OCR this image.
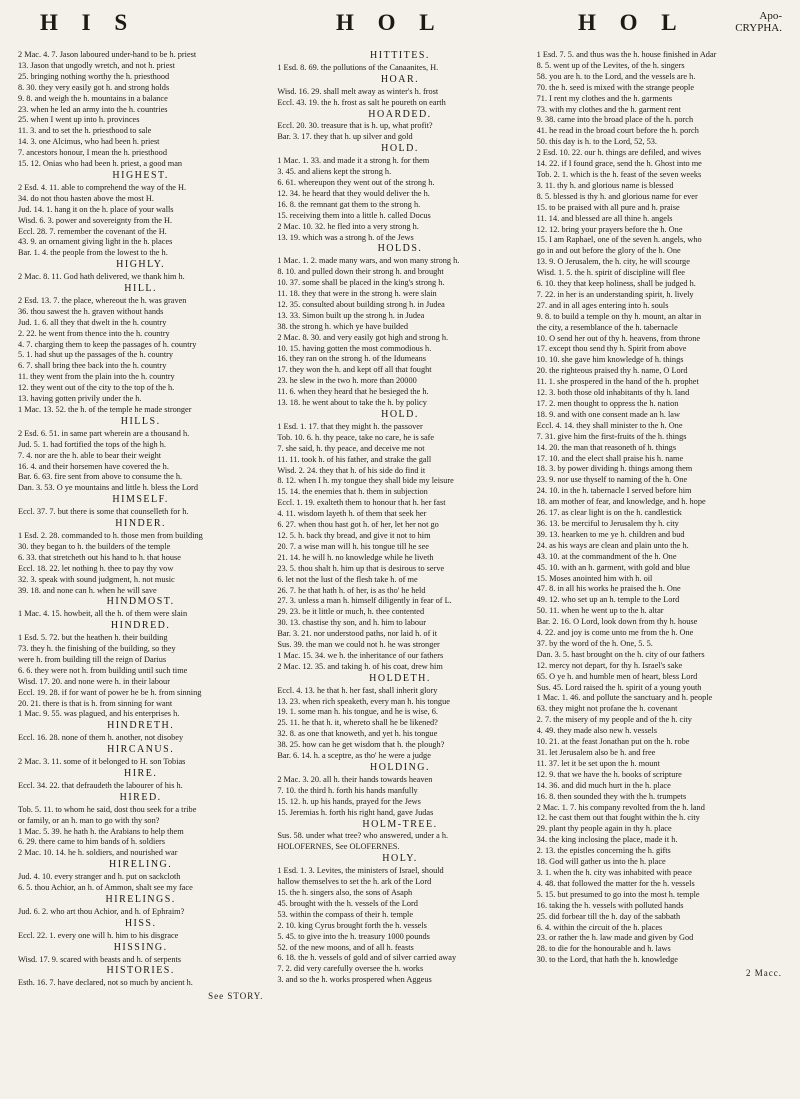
H I S	H O L	H O L	Apo-
CRYPHA.
2 Mac. 4. 7. Jason laboured under-hand to be h. priest
13. Jason that ungodly wretch, and not h. priest
25. bringing nothing worthy the h. priesthood
8. 30. they very easily got h. and strong holds
9. 8. and weigh the h. mountains in a balance
23. when he led an army into the h. countries
25. when I went up into h. provinces
11. 3. and to set the h. priesthood to sale
14. 3. one Alcimus, who had been h. priest
7. ancestors honour, I mean the h. priesthood
15. 12. Onias who had been h. priest, a good man
HIGHEST.
2 Esd. 4. 11. able to comprehend the way of the H.
34. do not thou hasten above the most H.
Jud. 14. 1. hang it on the h. place of your walls
Wisd. 6. 3. power and sovereignty from the H.
Eccl. 28. 7. remember the covenant of the H.
43. 9. an ornament giving light in the h. places
Bar. 1. 4. the people from the lowest to the h.
HIGHLY.
2 Mac. 8. 11. God hath delivered, we thank him h.
HILL.
2 Esd. 13. 7. the place, whereout the h. was graven
36. thou sawest the h. graven without hands
Jud. 1. 6. all they that dwelt in the h. country
2. 22. he went from thence into the h. country
4. 7. charging them to keep the passages of h. country
5. 1. had shut up the passages of the h. country
6. 7. shall bring thee back into the h. country
11. they went from the plain into the h. country
12. they went out of the city to the top of the h.
13. having gotten privily under the h.
1 Mac. 13. 52. the h. of the temple he made stronger
HILLS.
2 Esd. 6. 51. in same part wherein are a thousand h.
Jud. 5. 1. had fortified the tops of the high h.
7. 4. nor are the h. able to bear their weight
16. 4. and their horsemen have covered the h.
Bar. 6. 63. fire sent from above to consume the h.
Dan. 3. 53. O ye mountains and little h. bless the Lord
HIMSELF.
Eccl. 37. 7. but there is some that counselleth for h.
HINDER.
1 Esd. 2. 28. commanded to h. those men from building
30. they began to h. the builders of the temple
6. 33. that stretcheth out his hand to h. that house
Eccl. 18. 22. let nothing h. thee to pay thy vow
32. 3. speak with sound judgment, h. not music
39. 18. and none can h. when he will save
HINDMOST.
1 Mac. 4. 15. howbeit, all the h. of them were slain
HINDRED.
1 Esd. 5. 72. but the heathen h. their building
73. they h. the finishing of the building, so they
were h. from building till the reign of Darius
6. 6. they were not h. from building until such time
Wisd. 17. 20. and none were h. in their labour
Eccl. 19. 28. if for want of power he be h. from sinning
20. 21. there is that is h. from sinning for want
1 Mac. 9. 55. was plagued, and his enterprises h.
HINDRETH.
Eccl. 16. 28. none of them h. another, not disobey
HIRCANUS.
2 Mac. 3. 11. some of it belonged to H. son Tobias
HIRE.
Eccl. 34. 22. that defraudeth the labourer of his h.
HIRED.
Tob. 5. 11. to whom he said, dost thou seek for a tribe
or family, or an h. man to go with thy son?
1 Mac. 5. 39. he hath h. the Arabians to help them
6. 29. there came to him bands of h. soldiers
2 Mac. 10. 14. he h. soldiers, and nourished war
HIRELING.
Jud. 4. 10. every stranger and h. put on sackcloth
6. 5. thou Achior, an h. of Ammon, shalt see my face
HIRELINGS.
Jud. 6. 2. who art thou Achior, and h. of Ephraim?
HISS.
Eccl. 22. 1. every one will h. him to his disgrace
HISSING.
Wisd. 17. 9. scared with beasts and h. of serpents
HISTORIES.
Esth. 16. 7. have declared, not so much by ancient h.
See STORY.
HITTITES.
1 Esd. 8. 69. the pollutions of the Canaanites, H.
HOAR.
Wisd. 16. 29. shall melt away as winter's h. frost
Eccl. 43. 19. the h. frost as salt he poureth on earth
HOARDED.
Eccl. 20. 30. treasure that is h. up, what profit?
Bar. 3. 17. they that h. up silver and gold
HOLD.
1 Mac. 1. 33. and made it a strong h. for them
3. 45. and aliens kept the strong h.
6. 61. whereupon they went out of the strong h.
12. 34. he heard that they would deliver the h.
16. 8. the remnant gat them to the strong h.
15. receiving them into a little h. called Docus
2 Mac. 10. 32. he fled into a very strong h.
13. 19. which was a strong h. of the Jews
HOLDS.
1 Mac. 1. 2. made many wars, and won many strong h.
8. 10. and pulled down their strong h. and brought
10. 37. some shall be placed in the king's strong h.
11. 18. they that were in the strong h. were slain
12. 35. consulted about building strong h. in Judea
13. 33. Simon built up the strong h. in Judea
38. the strong h. which ye have builded
2 Mac. 8. 30. and very easily got high and strong h.
10. 15. having gotten the most commodious h.
16. they ran on the strong h. of the Idumeans
17. they won the h. and kept off all that fought
23. he slew in the two h. more than 20000
11. 6. when they heard that he besieged the h.
13. 18. he went about to take the h. by policy
HOLD.
1 Esd. 1. 17. that they might h. the passover
Tob. 10. 6. h. thy peace, take no care, he is safe
7. she said, h. thy peace, and deceive me not
11. 11. took h. of his father, and strake the gall
Wisd. 2. 24. they that h. of his side do find it
8. 12. when I h. my tongue they shall bide my leisure
15. 14. the enemies that h. them in subjection
Eccl. 1. 19. exalteth them to honour that h. her fast
4. 11. wisdom layeth h. of them that seek her
6. 27. when thou hast got h. of her, let her not go
12. 5. h. back thy bread, and give it not to him
20. 7. a wise man will h. his tongue till he see
21. 14. he will h. no knowledge while he liveth
23. 5. thou shalt h. him up that is desirous to serve
6. let not the lust of the flesh take h. of me
26. 7. he that hath h. of her, is as tho' he held
27. 3. unless a man h. himself diligently in fear of L.
29. 23. be it little or much, h. thee contented
30. 13. chastise thy son, and h. him to labour
Bar. 3. 21. nor understood paths, nor laid h. of it
Sus. 39. the man we could not h. he was stronger
1 Mac. 15. 34. we h. the inheritance of our fathers
2 Mac. 12. 35. and taking h. of his coat, drew him
HOLDETH.
Eccl. 4. 13. he that h. her fast, shall inherit glory
13. 23. when rich speaketh, every man h. his tongue
19. 1. some man h. his tongue, and he is wise, 6.
25. 11. he that h. it, whereto shall he be likened?
32. 8. as one that knoweth, and yet h. his tongue
38. 25. how can he get wisdom that h. the plough?
Bar. 6. 14. h. a sceptre, as tho' he were a judge
HOLDING.
2 Mac. 3. 20. all h. their hands towards heaven
7. 10. the third h. forth his hands manfully
15. 12. h. up his hands, prayed for the Jews
15. Jeremias h. forth his right hand, gave Judas
HOLM-TREE.
Sus. 58. under what tree? who answered, under a h.
HOLOFERNES, See OLOFERNES.
HOLY.
1 Esd. 1. 3. Levites, the ministers of Israel, should
hallow themselves to set the h. ark of the Lord
15. the h. singers also, the sons of Asaph
45. brought with the h. vessels of the Lord
53. within the compass of their h. temple
2. 10. king Cyrus brought forth the h. vessels
5. 45. to give into the h. treasury 1000 pounds
52. of the new moons, and of all h. feasts
6. 18. the h. vessels of gold and of silver carried away
7. 2. did very carefully oversee the h. works
3. and so the h. works prospered when Aggeus
1 Esd. 7. 5. and thus was the h. house finished in Adar
8. 5. went up of the Levites, of the h. singers
58. you are h. to the Lord, and the vessels are h.
70. the h. seed is mixed with the strange people
71. I rent my clothes and the h. garments
73. with my clothes and the h. garment rent
9. 38. came into the broad place of the h. porch
41. he read in the broad court before the h. porch
50. this day is h. to the Lord, 52, 53.
2 Esd. 10. 22. our h. things are defiled, and wives
14. 22. if I found grace, send the h. Ghost into me
Tob. 2. 1. which is the h. feast of the seven weeks
3. 11. thy h. and glorious name is blessed
8. 5. blessed is thy h. and glorious name for ever
15. to be praised with all pure and h. praise
11. 14. and blessed are all thine h. angels
12. 12. bring your prayers before the h. One
15. I am Raphael, one of the seven h. angels, who
go in and out before the glory of the h. One
13. 9. O Jerusalem, the h. city, he will scourge
Wisd. 1. 5. the h. spirit of discipline will flee
6. 10. they that keep holiness, shall be judged h.
7. 22. in her is an understanding spirit, h. lively
27. and in all ages entering into h. souls
9. 8. to build a temple on thy h. mount, an altar in
the city, a resemblance of the h. tabernacle
10. O send her out of thy h. heavens, from throne
17. except thou send thy h. Spirit from above
10. 10. she gave him knowledge of h. things
20. the righteous praised thy h. name, O Lord
11. 1. she prospered in the hand of the h. prophet
12. 3. both those old inhabitants of thy h. land
17. 2. men thought to oppress the h. nation
18. 9. and with one consent made an h. law
Eccl. 4. 14. they shall minister to the h. One
7. 31. give him the first-fruits of the h. things
14. 20. the man that reasoneth of h. things
17. 10. and the elect shall praise his h. name
18. 3. by power dividing h. things among them
23. 9. nor use thyself to naming of the h. One
24. 10. in the h. tabernacle I served before him
18. am mother of fear, and knowledge, and h. hope
26. 17. as clear light is on the h. candlestick
36. 13. be merciful to Jerusalem thy h. city
39. 13. hearken to me ye h. children and bud
24. as his ways are clean and plain unto the h.
43. 10. at the commandment of the h. One
45. 10. with an h. garment, with gold and blue
15. Moses anointed him with h. oil
47. 8. in all his works he praised the h. One
49. 12. who set up an h. temple to the Lord
50. 11. when he went up to the h. altar
Bar. 2. 16. O Lord, look down from thy h. house
4. 22. and joy is come unto me from the h. One
37. by the word of the h. One, 5. 5.
Dan. 3. 5. hast brought on the h. city of our fathers
12. mercy not depart, for thy h. Israel's sake
65. O ye h. and humble men of heart, bless Lord
Sus. 45. Lord raised the h. spirit of a young youth
1 Mac. 1. 46. and pollute the sanctuary and h. people
63. they might not profane the h. covenant
2. 7. the misery of my people and of the h. city
4. 49. they made also new h. vessels
10. 21. at the feast Jonathan put on the h. robe
31. let Jerusalem also be h. and free
11. 37. let it be set upon the h. mount
12. 9. that we have the h. books of scripture
14. 36. and did much hurt in the h. place
16. 8. then sounded they with the h. trumpets
2 Mac. 1. 7. his company revolted from the h. land
12. he cast them out that fought within the h. city
29. plant thy people again in thy h. place
34. the king inclosing the place, made it h.
2. 13. the epistles concerning the h. gifts
18. God will gather us into the h. place
3. 1. when the h. city was inhabited with peace
4. 48. that followed the matter for the h. vessels
5. 15. but presumed to go into the most h. temple
16. taking the h. vessels with polluted hands
25. did forbear till the h. day of the sabbath
6. 4. within the circuit of the h. places
23. or rather the h. law made and given by God
28. to die for the honourable and h. laws
30. to the Lord, that hath the h. knowledge
2 Macc.
